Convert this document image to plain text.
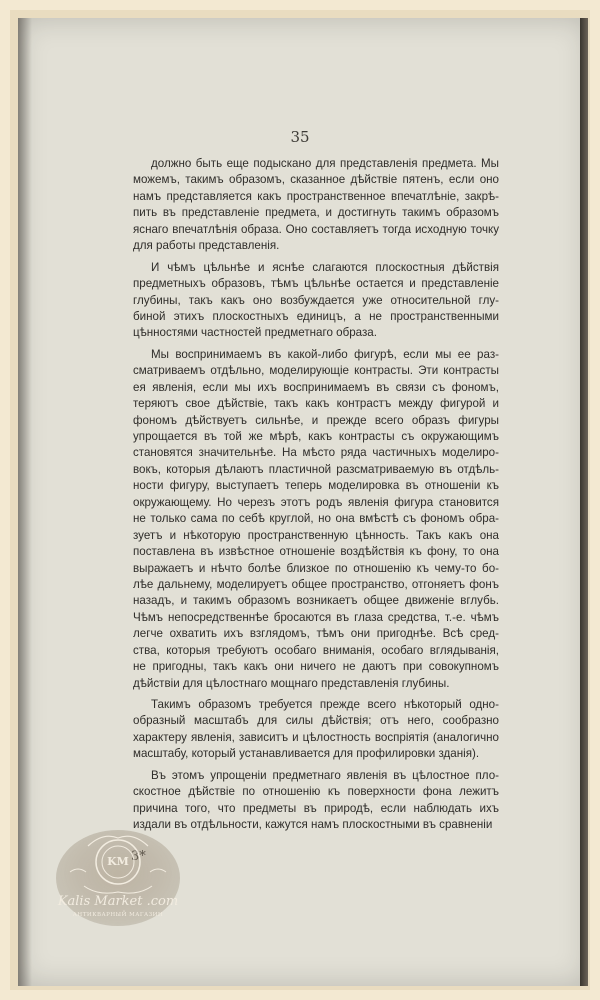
35
должно быть еще подыскано для представленія предмета. Мы
можемъ, такимъ образомъ, сказанное дѣйствіе пятенъ, если оно
намъ представляется какъ пространственное впечатлѣніе, закрѣ-
пить въ представленіе предмета, и достигнуть такимъ образомъ
яснаго впечатлѣнія образа. Оно составляетъ тогда исходную точку
для работы представленія.
И чѣмъ цѣльнѣе и яснѣе слагаются плоскостныя дѣйствія
предметныхъ образовъ, тѣмъ цѣльнѣе остается и представленіе
глубины, такъ какъ оно возбуждается уже относительной глу-
биной этихъ плоскостныхъ единицъ, а не пространственными
цѣнностями частностей предметнаго образа.
Мы воспринимаемъ въ какой-либо фигурѣ, если мы ее раз-
сматриваемъ отдѣльно, моделирующіе контрасты. Эти контрасты
ея явленія, если мы ихъ воспринимаемъ въ связи съ фономъ,
теряютъ свое дѣйствіе, такъ какъ контрастъ между фигурой и
фономъ дѣйствуетъ сильнѣе, и прежде всего образъ фигуры
упрощается въ той же мѣрѣ, какъ контрасты съ окружающимъ
становятся значительнѣе. На мѣсто ряда частичныхъ моделиро-
вокъ, которыя дѣлаютъ пластичной разсматриваемую въ отдѣль-
ности фигуру, выступаетъ теперь моделировка въ отношеніи къ
окружающему. Но черезъ этотъ родъ явленія фигура становится
не только сама по себѣ круглой, но она вмѣстѣ съ фономъ обра-
зуетъ и нѣкоторую пространственную цѣнность. Такъ какъ она
поставлена въ извѣстное отношеніе воздѣйствія къ фону, то она
выражаетъ и нѣчто болѣе близкое по отношенію къ чему-то бо-
лѣе дальнему, моделируетъ общее пространство, отгоняетъ фонъ
назадъ, и такимъ образомъ возникаетъ общее движеніе вглубь.
Чѣмъ непосредственнѣе бросаются въ глаза средства, т.-е. чѣмъ
легче охватить ихъ взглядомъ, тѣмъ они пригоднѣе. Всѣ сред-
ства, которыя требуютъ особаго вниманія, особаго вглядыванія,
не пригодны, такъ какъ они ничего не даютъ при совокупномъ
дѣйствіи для цѣлостнаго мощнаго представленія глубины.
Такимъ образомъ требуется прежде всего нѣкоторый одно-
образный масштабъ для силы дѣйствія; отъ него, сообразно
характеру явленія, зависитъ и цѣлостность воспріятія (аналогично
масштабу, который устанавливается для профилировки зданія).
Въ этомъ упрощеніи предметнаго явленія въ цѣлостное пло-
скостное дѣйствіе по отношенію къ поверхности фона лежитъ
причина того, что предметы въ природѣ, если наблюдать ихъ
издали въ отдѣльности, кажутся намъ плоскостными въ сравненіи
KM
Kalis Market .com
АНТИКВАРНЫЙ МАГАЗИН
